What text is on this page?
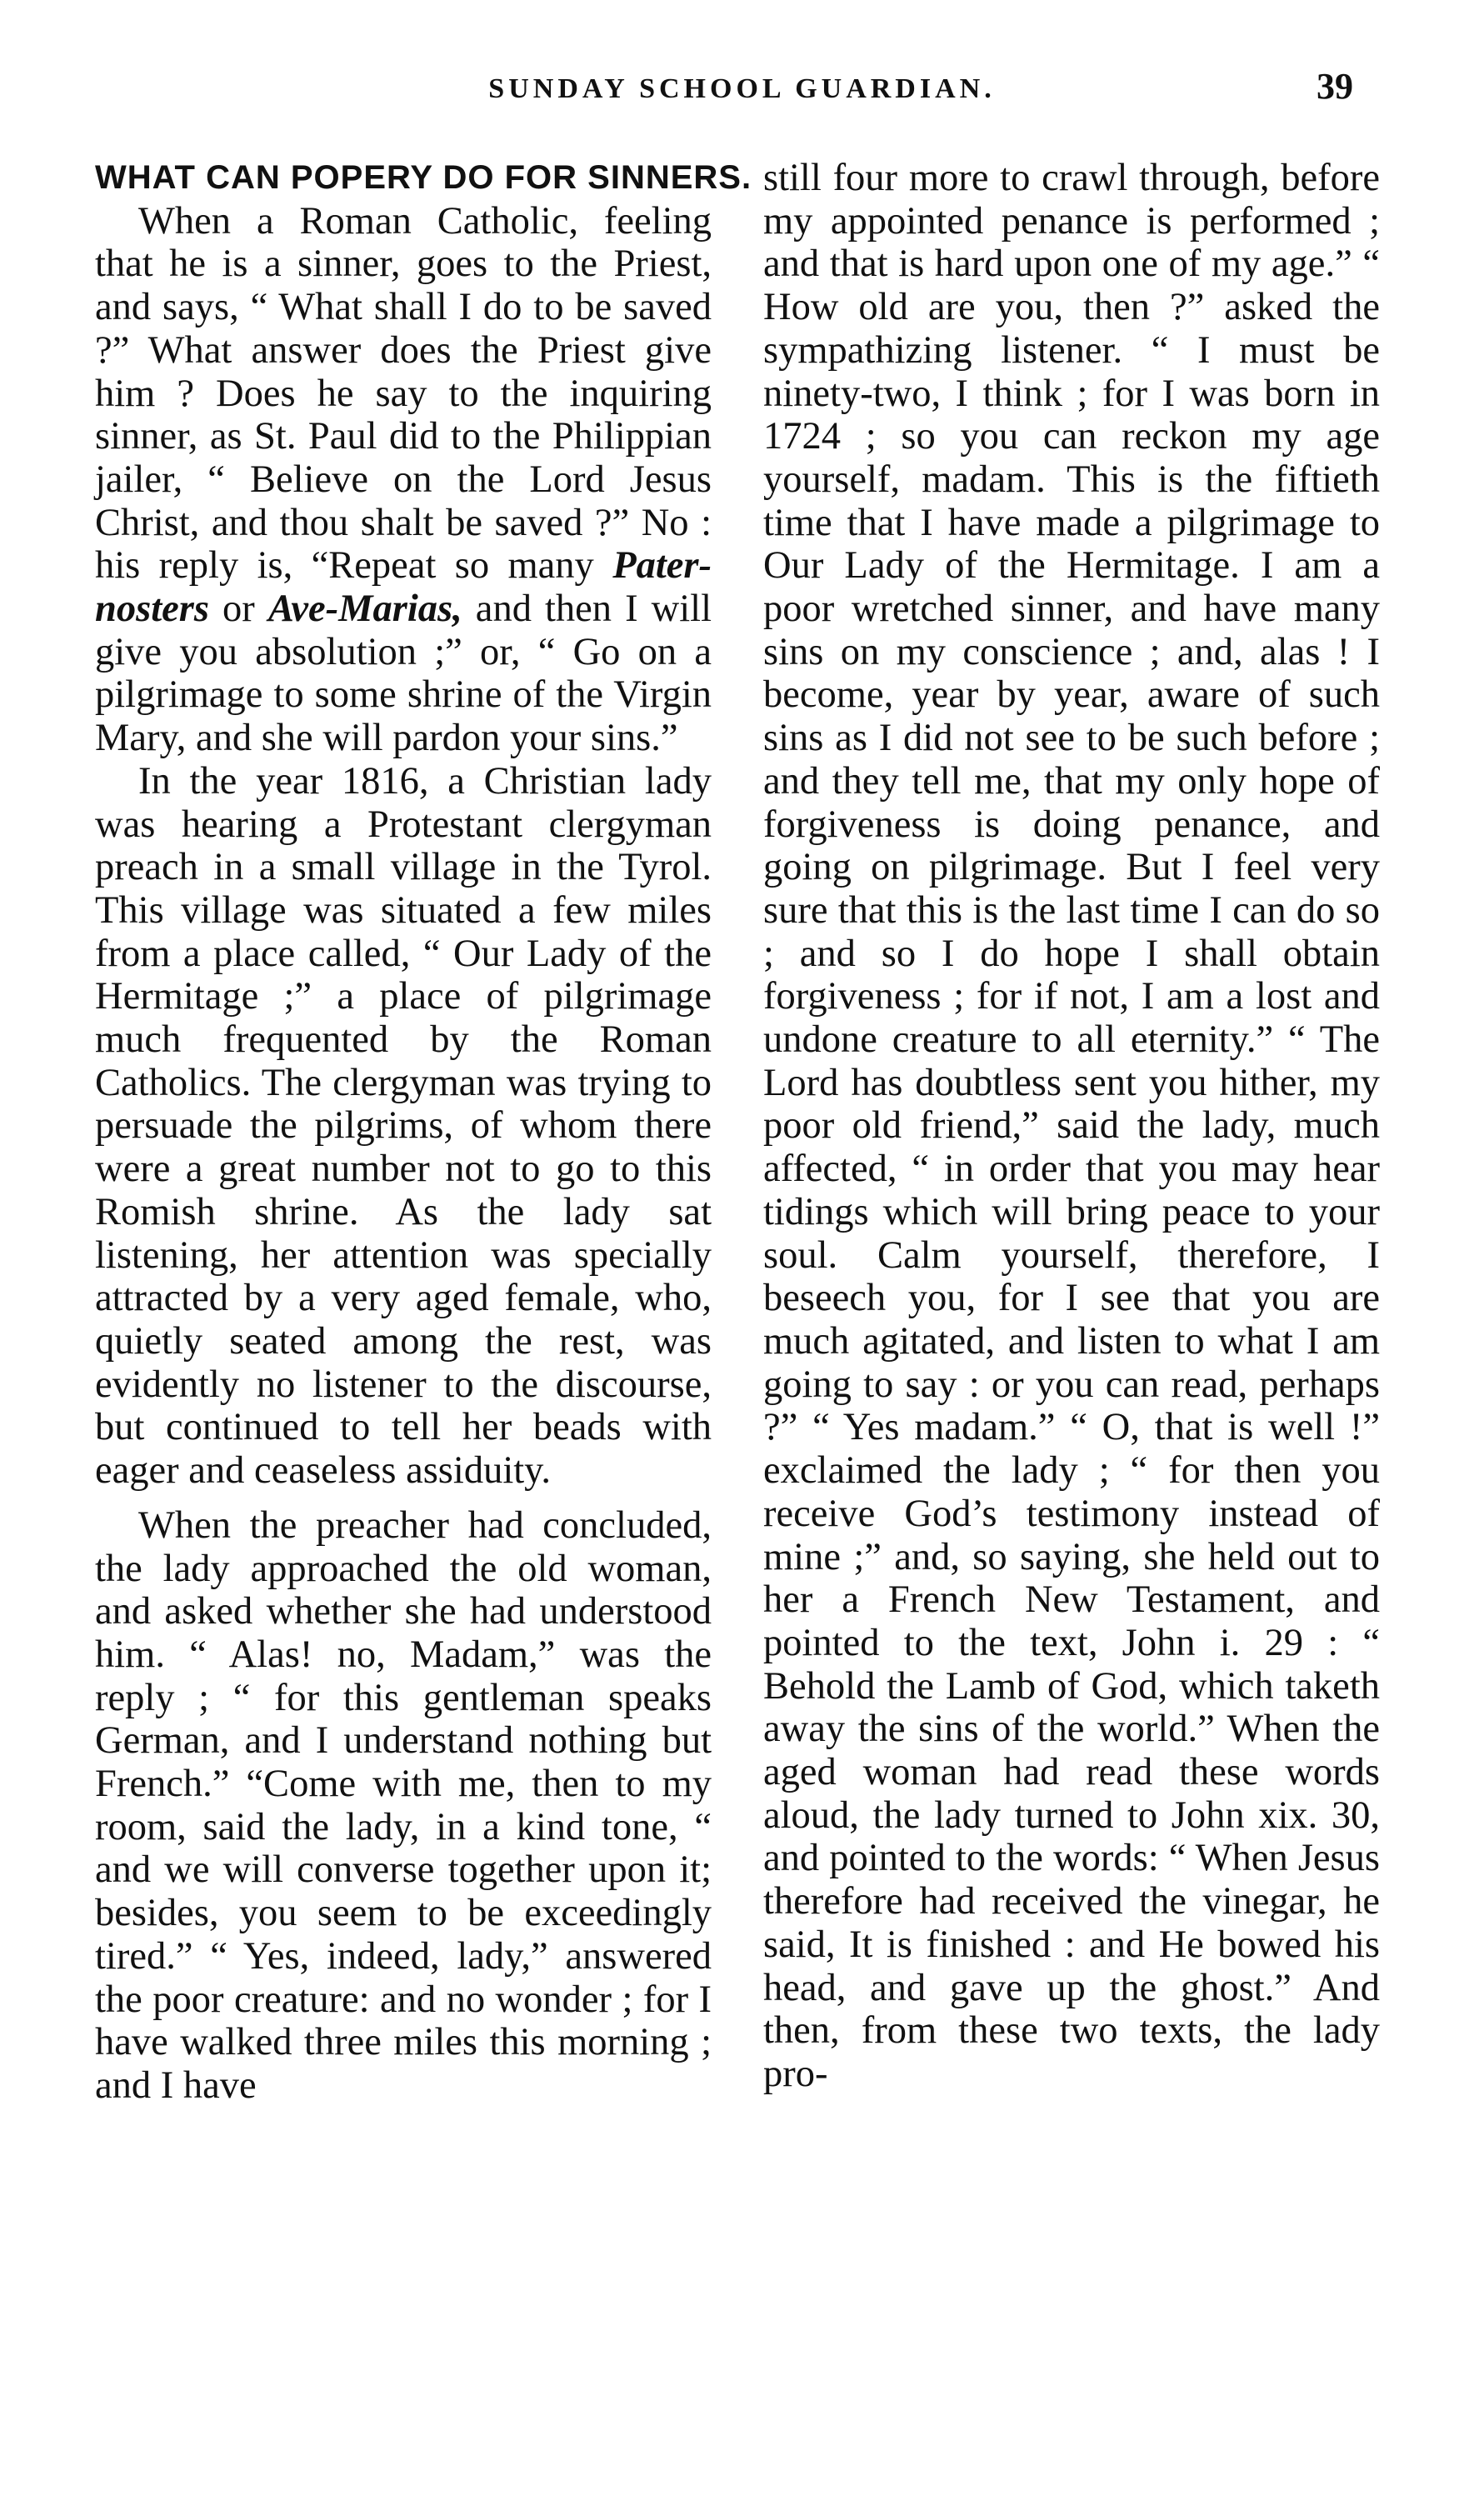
SUNDAY SCHOOL GUARDIAN.	39
WHAT CAN POPERY DO FOR SINNERS.

When a Roman Catholic, feeling that he is a sinner, goes to the Priest, and says, “ What shall I do to be saved ?” What answer does the Priest give him ? Does he say to the inquiring sinner, as St. Paul did to the Philippian jailer, “ Believe on the Lord Jesus Christ, and thou shalt be saved ?” No : his reply is, “Repeat so many Pater-nosters or Ave-Marias, and then I will give you absolution ;” or, “ Go on a pilgrimage to some shrine of the Virgin Mary, and she will pardon your sins.”

In the year 1816, a Christian lady was hearing a Protestant clergyman preach in a small village in the Tyrol. This village was situated a few miles from a place called, “ Our Lady of the Hermitage ;” a place of pilgrimage much frequented by the Roman Catholics. The clergyman was trying to persuade the pilgrims, of whom there were a great number not to go to this Romish shrine. As the lady sat listening, her attention was specially attracted by a very aged female, who, quietly seated among the rest, was evidently no listener to the discourse, but continued to tell her beads with eager and ceaseless assiduity.

When the preacher had concluded, the lady approached the old woman, and asked whether she had understood him. “ Alas! no, Madam,” was the reply ; “ for this gentleman speaks German, and I understand nothing but French.” “Come with me, then to my room, said the lady, in a kind tone, “ and we will converse together upon it; besides, you seem to be exceedingly tired.” “ Yes, indeed, lady,” answered the poor creature: and no wonder ; for I have walked three miles this morning ; and I have

still four more to crawl through, before my appointed penance is performed ; and that is hard upon one of my age.” “ How old are you, then ?” asked the sympathizing listener. “ I must be ninety-two, I think ; for I was born in 1724 ; so you can reckon my age yourself, madam. This is the fiftieth time that I have made a pilgrimage to Our Lady of the Hermitage. I am a poor wretched sinner, and have many sins on my conscience ; and, alas ! I become, year by year, aware of such sins as I did not see to be such before ; and they tell me, that my only hope of forgiveness is doing penance, and going on pilgrimage. But I feel very sure that this is the last time I can do so ; and so I do hope I shall obtain forgiveness ; for if not, I am a lost and undone creature to all eternity.” “ The Lord has doubtless sent you hither, my poor old friend,” said the lady, much affected, “ in order that you may hear tidings which will bring peace to your soul. Calm yourself, therefore, I beseech you, for I see that you are much agitated, and listen to what I am going to say : or you can read, perhaps ?” “ Yes madam.” “ O, that is well !” exclaimed the lady ; “ for then you receive God’s testimony instead of mine ;” and, so saying, she held out to her a French New Testament, and pointed to the text, John i. 29 : “ Behold the Lamb of God, which taketh away the sins of the world.” When the aged woman had read these words aloud, the lady turned to John xix. 30, and pointed to the words: “ When Jesus therefore had received the vinegar, he said, It is finished : and He bowed his head, and gave up the ghost.” And then, from these two texts, the lady pro-
